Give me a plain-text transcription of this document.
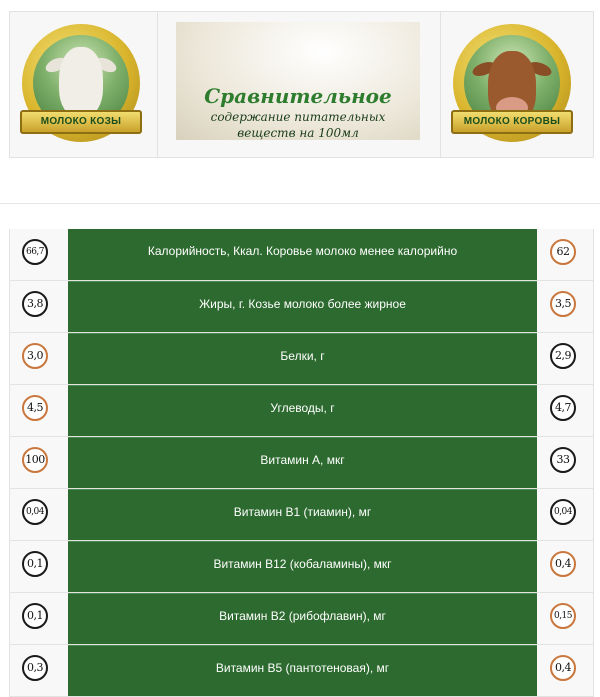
МОЛОКО КОЗЫ
Сравнительное
содержание питательных
веществ на 100мл
МОЛОКО КОРОВЫ
66,7	Калорийность, Ккал. Коровье молоко менее калорийно	62
3,8	Жиры, г. Козье молоко более жирное	3,5
3,0	Белки, г	2,9
4,5	Углеводы, г	4,7
100	Витамин А, мкг	33
0,04	Витамин В1 (тиамин), мг	0,04
0,1	Витамин В12 (кобаламины), мкг	0,4
0,1	Витамин В2 (рибофлавин), мг	0,15
0,3	Витамин В5 (пантотеновая), мг	0,4
